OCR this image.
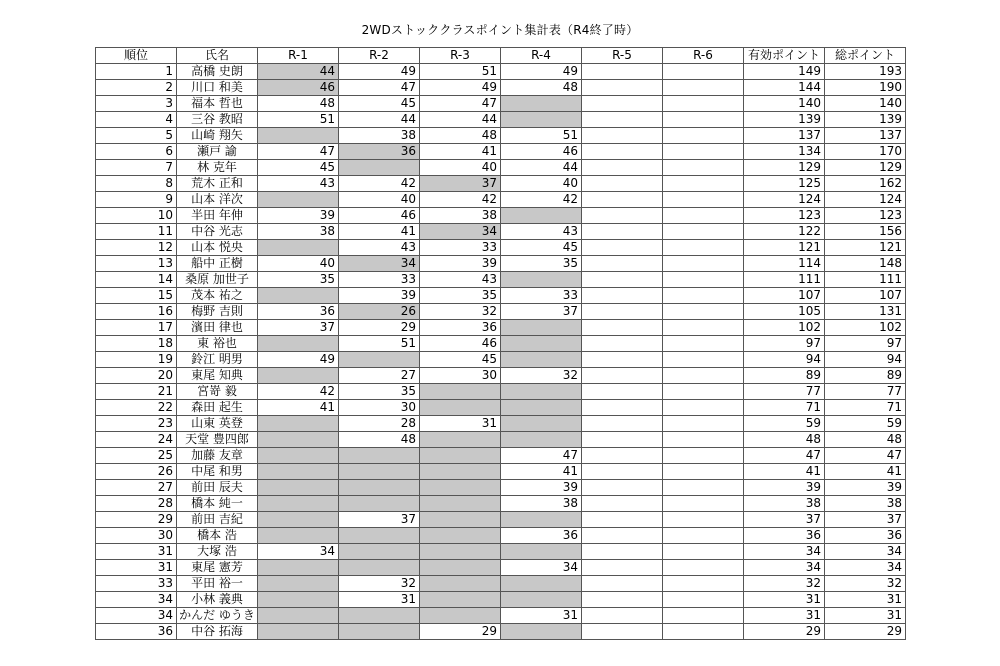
2WDストッククラスポイント集計表（R4終了時）
順位	氏名	R-1	R-2	R-3	R-4	R-5	R-6	有効ポイント	総ポイント
1	高橋 史朗	44	49	51	49			149	193
2	川口 和美	46	47	49	48			144	190
3	福本 哲也	48	45	47				140	140
4	三谷 教昭	51	44	44				139	139
5	山崎 翔矢		38	48	51			137	137
6	瀬戸 諭	47	36	41	46			134	170
7	林 克年	45		40	44			129	129
8	荒木 正和	43	42	37	40			125	162
9	山本 洋次		40	42	42			124	124
10	半田 年伸	39	46	38				123	123
11	中谷 光志	38	41	34	43			122	156
12	山本 悦央		43	33	45			121	121
13	船中 正樹	40	34	39	35			114	148
14	桑原 加世子	35	33	43				111	111
15	茂本 祐之		39	35	33			107	107
16	梅野 吉則	36	26	32	37			105	131
17	濱田 律也	37	29	36				102	102
18	東 裕也		51	46				97	97
19	鈴江 明男	49		45				94	94
20	東尾 知典		27	30	32			89	89
21	宮嵜 毅	42	35					77	77
22	森田 起生	41	30					71	71
23	山東 英登		28	31				59	59
24	天堂 豊四郎		48					48	48
25	加藤 友章				47			47	47
26	中尾 和男				41			41	41
27	前田 辰夫				39			39	39
28	橋本 純一				38			38	38
29	前田 吉紀		37					37	37
30	橋本 浩				36			36	36
31	大塚 浩	34						34	34
31	東尾 憲芳				34			34	34
33	平田 裕一		32					32	32
34	小林 義典		31					31	31
34	かんだ ゆうき				31			31	31
36	中谷 拓海			29				29	29
